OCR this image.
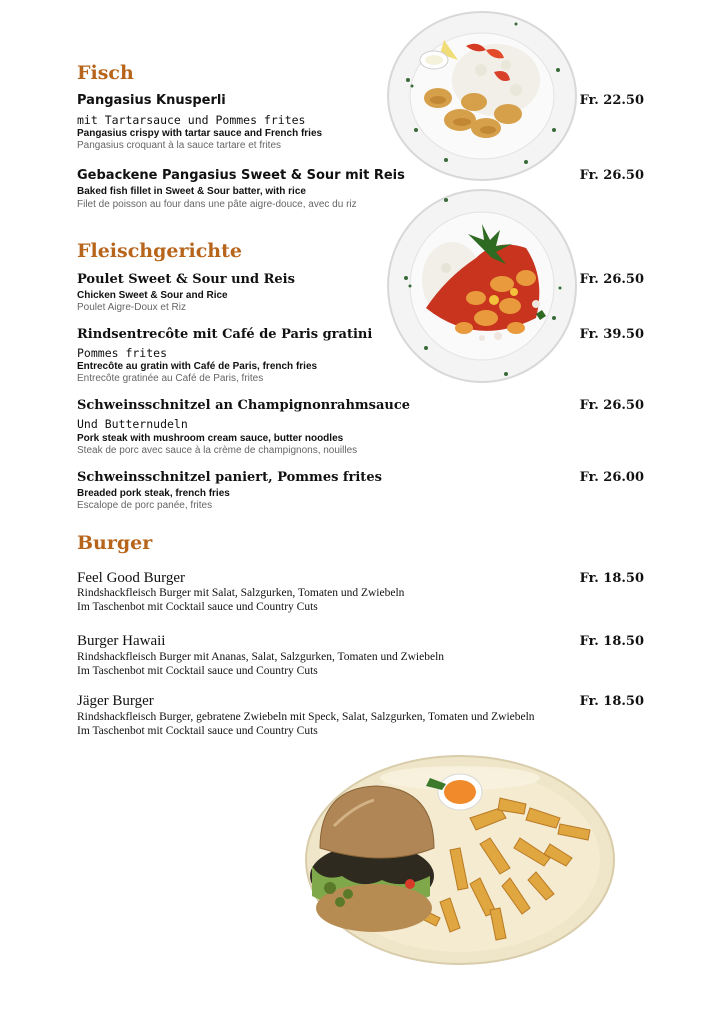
Fisch
Pangasius Knusperli	Fr. 22.50
mit Tartarsauce und Pommes frites
Pangasius crispy with tartar sauce and French fries
Pangasius croquant à la sauce tartare et frites
Gebackene Pangasius Sweet & Sour mit Reis	Fr. 26.50
Baked fish fillet in Sweet & Sour batter, with rice
Filet de poisson au four dans une pâte aigre-douce, avec du riz
Fleischgerichte
Poulet Sweet & Sour und Reis	Fr. 26.50
Chicken Sweet & Sour and Rice
Poulet Aigre-Doux et Riz
Rindsentrecôte mit Café de Paris gratini	Fr. 39.50
Pommes frites
Entrecôte au gratin with Café de Paris, french fries
Entrecôte gratinée au Café de Paris, frites
Schweinsschnitzel an Champignonrahmsauce	Fr. 26.50
Und Butternudeln
Pork steak with mushroom cream sauce, butter noodles
Steak de porc avec sauce à la crème de champignons, nouilles
Schweinsschnitzel paniert, Pommes frites	Fr. 26.00
Breaded pork steak, french fries
Escalope de porc panée, frites
Burger
Feel Good Burger	Fr. 18.50
Rindshackfleisch Burger mit Salat, Salzgurken, Tomaten und Zwiebeln
Im Taschenbot mit Cocktail sauce und Country Cuts
Burger Hawaii	Fr. 18.50
Rindshackfleisch Burger mit Ananas, Salat, Salzgurken, Tomaten und Zwiebeln
Im Taschenbot mit Cocktail sauce und Country Cuts
Jäger Burger	Fr. 18.50
Rindshackfleisch Burger, gebratene Zwiebeln mit Speck, Salat, Salzgurken, Tomaten und Zwiebeln
Im Taschenbot mit Cocktail sauce und Country Cuts
